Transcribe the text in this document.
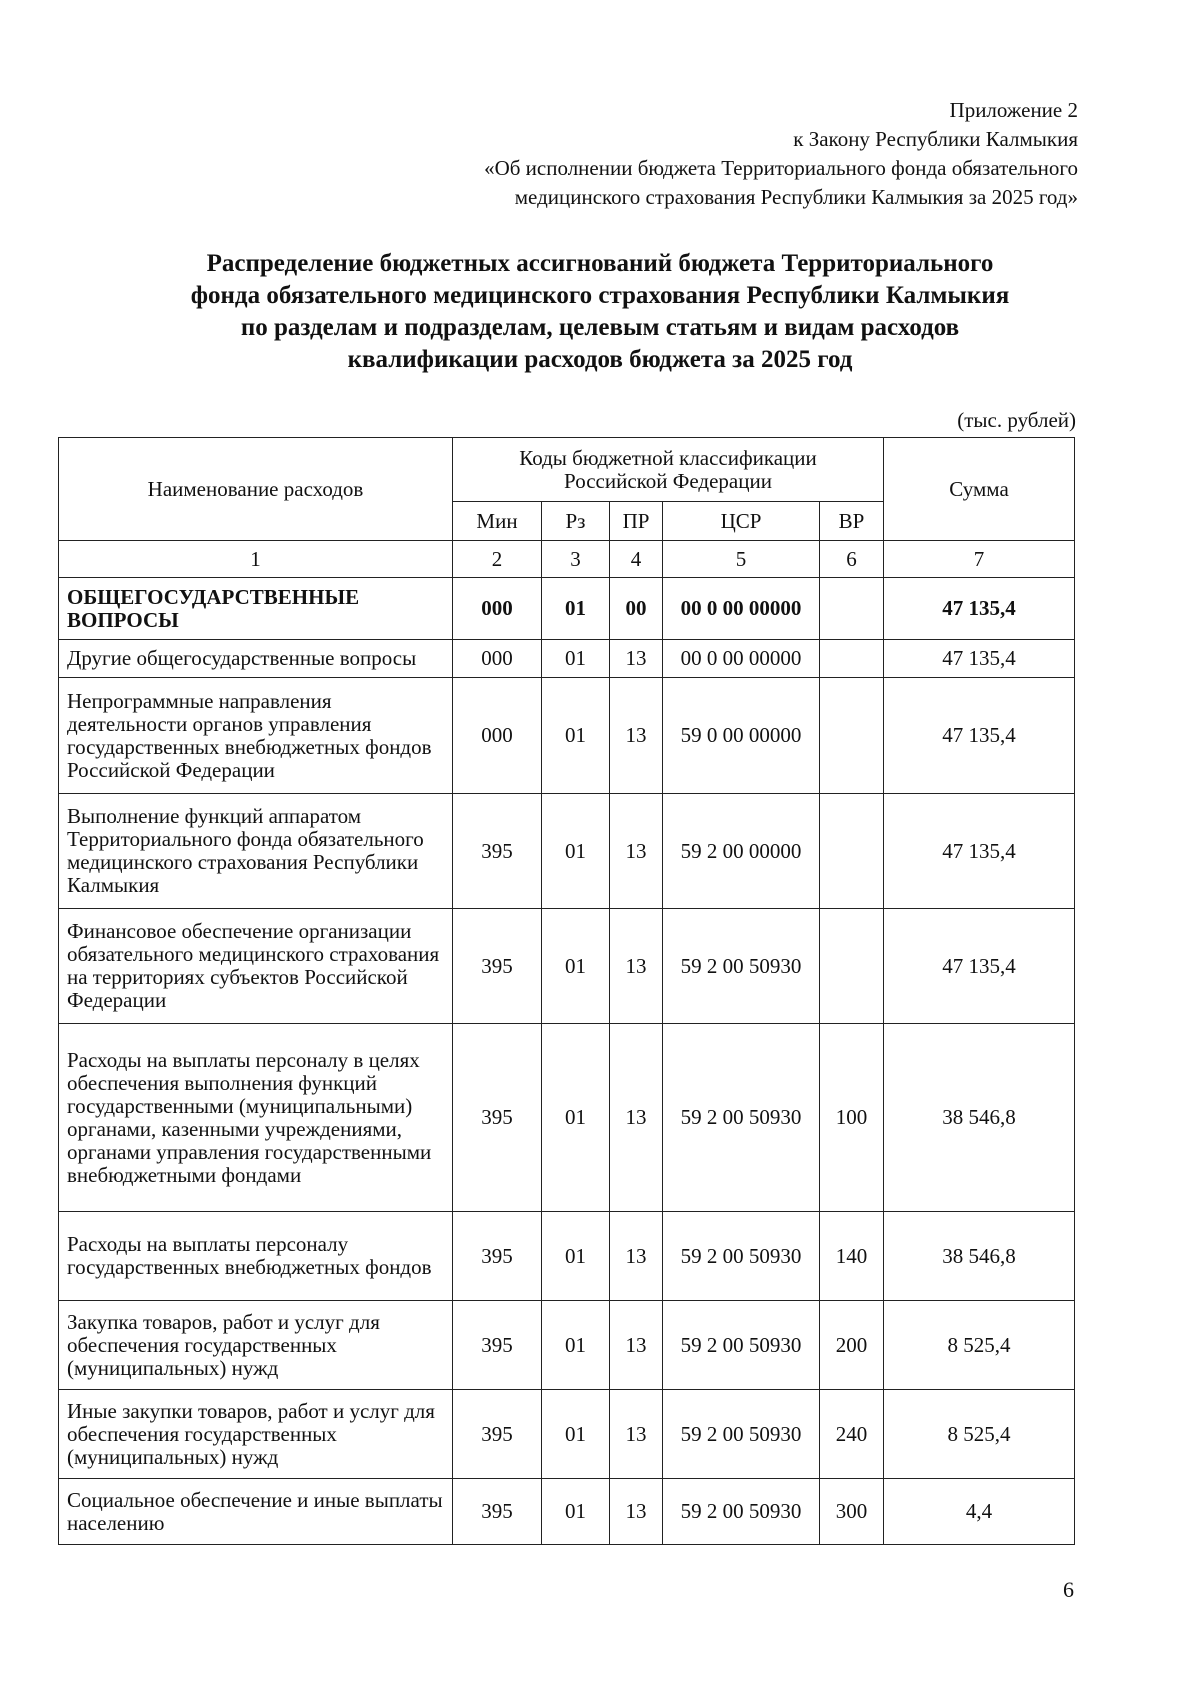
Приложение 2
к Закону Республики Калмыкия
«Об исполнении бюджета Территориального фонда обязательного
медицинского страхования Республики Калмыкия за 2025 год»
Распределение бюджетных ассигнований бюджета Территориального
фонда обязательного медицинского страхования Республики Калмыкия
по разделам и подразделам, целевым статьям и видам расходов
квалификации расходов бюджета за 2025 год
(тыс. рублей)
Наименование расходов	Коды бюджетной классификации Российской Федерации					Сумма
	Мин	Рз	ПР	ЦСР	ВР	
1	2	3	4	5	6	7
ОБЩЕГОСУДАРСТВЕННЫЕ ВОПРОСЫ	000	01	00	00 0 00 00000		47 135,4
Другие общегосударственные вопросы	000	01	13	00 0 00 00000		47 135,4
Непрограммные направления деятельности органов управления государственных внебюджетных фондов Российской Федерации	000	01	13	59 0 00 00000		47 135,4
Выполнение функций аппаратом Территориального фонда обязательного медицинского страхования Республики Калмыкия	395	01	13	59 2 00 00000		47 135,4
Финансовое обеспечение организации обязательного медицинского страхования на территориях субъектов Российской Федерации	395	01	13	59 2 00 50930		47 135,4
Расходы на выплаты персоналу в целях обеспечения выполнения функций государственными (муниципальными) органами, казенными учреждениями, органами управления государственными внебюджетными фондами	395	01	13	59 2 00 50930	100	38 546,8
Расходы на выплаты персоналу государственных внебюджетных фондов	395	01	13	59 2 00 50930	140	38 546,8
Закупка товаров, работ и услуг для обеспечения государственных (муниципальных) нужд	395	01	13	59 2 00 50930	200	8 525,4
Иные закупки товаров, работ и услуг для обеспечения государственных (муниципальных) нужд	395	01	13	59 2 00 50930	240	8 525,4
Социальное обеспечение и иные выплаты населению	395	01	13	59 2 00 50930	300	4,4
6
